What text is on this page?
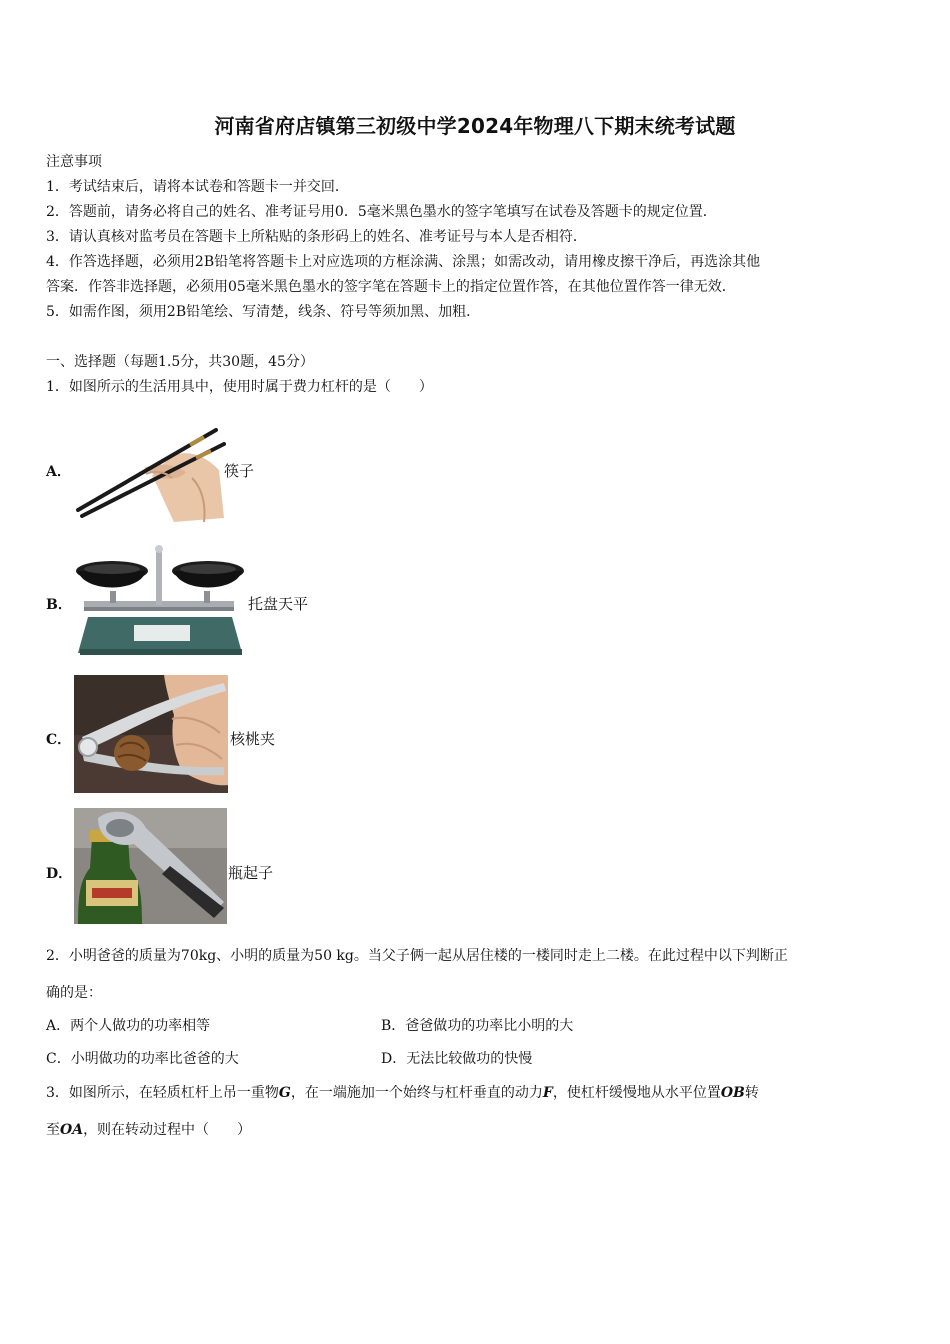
河南省府店镇第三初级中学2024年物理八下期末统考试题
注意事项
1．考试结束后，请将本试卷和答题卡一并交回．
2．答题前，请务必将自己的姓名、准考证号用0．5毫米黑色墨水的签字笔填写在试卷及答题卡的规定位置．
3．请认真核对监考员在答题卡上所粘贴的条形码上的姓名、准考证号与本人是否相符．
4．作答选择题，必须用2B铅笔将答题卡上对应选项的方框涂满、涂黑；如需改动，请用橡皮擦干净后，再选涂其他
答案．作答非选择题，必须用05毫米黑色墨水的签字笔在答题卡上的指定位置作答，在其他位置作答一律无效．
5．如需作图，须用2B铅笔绘、写清楚，线条、符号等须加黑、加粗．
一、选择题（每题1.5分，共30题，45分）
1．如图所示的生活用具中，使用时属于费力杠杆的是（　　）
A．	筷子
B．	托盘天平
C．	核桃夹
D．	瓶起子
2．小明爸爸的质量为70kg、小明的质量为50 kg。当父子俩一起从居住楼的一楼同时走上二楼。在此过程中以下判断正
确的是：
A．两个人做功的功率相等	B．爸爸做功的功率比小明的大
C．小明做功的功率比爸爸的大	D．无法比较做功的快慢
3．如图所示，在轻质杠杆上吊一重物G，在一端施加一个始终与杠杆垂直的动力F，使杠杆缓慢地从水平位置OB转
至OA，则在转动过程中（　　）
